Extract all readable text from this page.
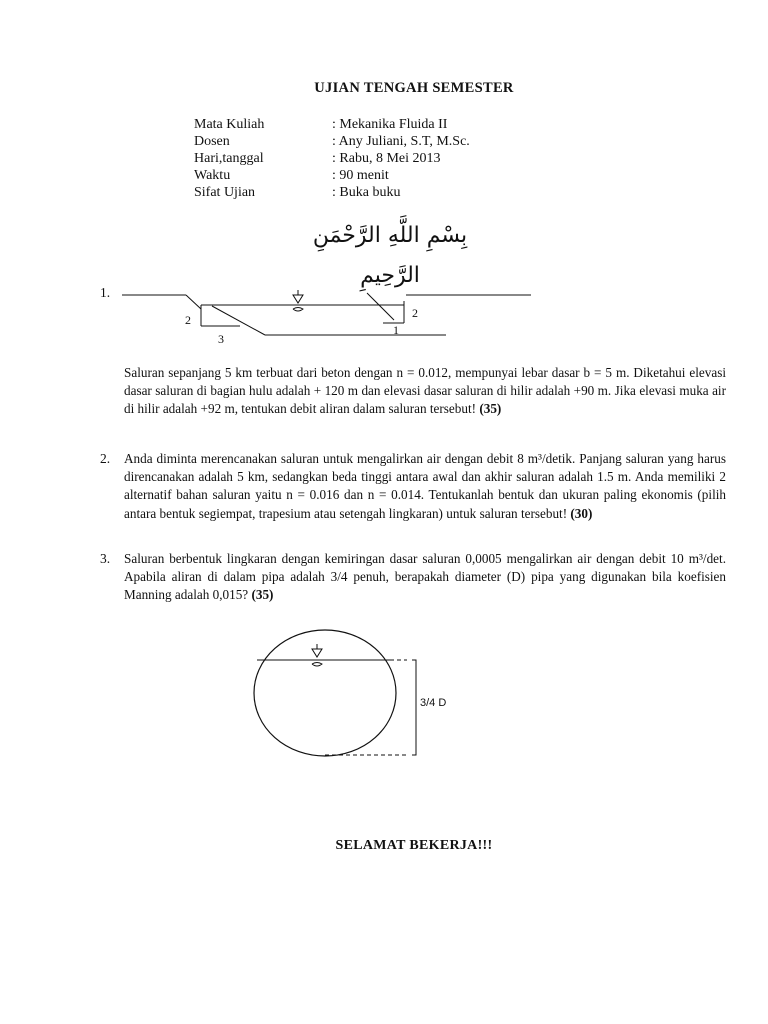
UJIAN TENGAH SEMESTER
Mata Kuliah	: Mekanika Fluida II
Dosen	: Any Juliani, S.T, M.Sc.
Hari,tanggal	: Rabu, 8 Mei 2013
Waktu	: 90 menit
Sifat Ujian	: Buka buku
بِسْمِ اللَّهِ الرَّحْمَنِ الرَّحِيمِ
1.
2
3
2
1
Saluran sepanjang 5 km terbuat dari beton dengan n = 0.012, mempunyai lebar dasar b = 5 m. Diketahui elevasi dasar saluran di bagian hulu adalah + 120 m dan elevasi dasar saluran di hilir adalah +90 m. Jika elevasi muka air di hilir adalah +92 m, tentukan debit aliran dalam saluran tersebut! (35)
2. Anda diminta merencanakan saluran untuk mengalirkan air dengan debit 8 m³/detik. Panjang saluran yang harus direncanakan adalah 5 km, sedangkan beda tinggi antara awal dan akhir saluran adalah 1.5 m. Anda memiliki 2 alternatif bahan saluran yaitu n = 0.016 dan n = 0.014. Tentukanlah bentuk dan ukuran paling ekonomis (pilih antara bentuk segiempat, trapesium atau setengah lingkaran) untuk saluran tersebut! (30)
3. Saluran berbentuk lingkaran dengan kemiringan dasar saluran 0,0005 mengalirkan air dengan debit 10 m³/det. Apabila aliran di dalam pipa adalah 3/4 penuh, berapakah diameter (D) pipa yang digunakan bila koefisien Manning adalah 0,015? (35)
3/4 D
SELAMAT BEKERJA!!!
